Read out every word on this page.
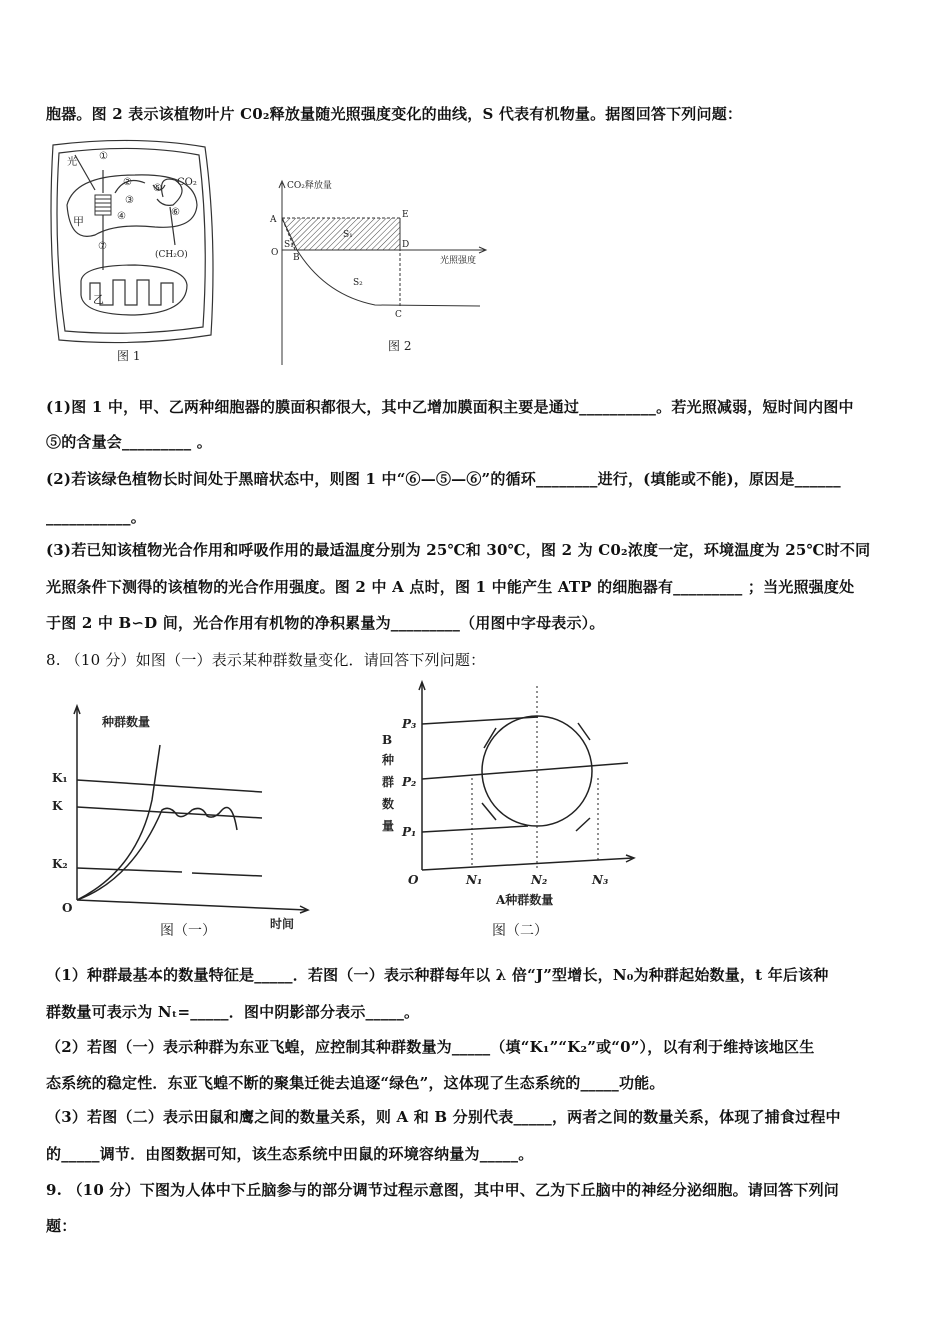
胞器。图 2 表示该植物叶片 C0₂释放量随光照强度变化的曲线，S 代表有机物量。据图回答下列问题：
光
①
②
③
④
⑤
⑥
⑦
CO₂
(CH₂O)
甲
乙
图 1
CO₂释放量
光照强度
A
O B
E
D
C
S₁
S₁
S₂
图 2
(1)图 1 中，甲、乙两种细胞器的膜面积都很大，其中乙增加膜面积主要是通过__________。若光照减弱，短时间内图中
⑤的含量会_________ 。
(2)若该绿色植物长时间处于黑暗状态中，则图 1 中“⑥—⑤—⑥”的循环________进行，(填能或不能)，原因是______
___________。
(3)若已知该植物光合作用和呼吸作用的最适温度分别为 25℃和 30℃，图 2 为 C0₂浓度一定，环境温度为 25℃时不同
光照条件下测得的该植物的光合作用强度。图 2 中 A 点时，图 1 中能产生 ATP 的细胞器有_________ ；当光照强度处
于图 2 中 B∽D 间，光合作用有机物的净积累量为_________（用图中字母表示）。
8. （10 分）如图（一）表示某种群数量变化．请回答下列问题：
种群数量
K₁
K
K₂
O
时间
图（一）
P₃
P₂
P₁
O	N₁	N₂	N₃
B
种
群
数
量
A种群数量
图（二）
（1）种群最基本的数量特征是_____．若图（一）表示种群每年以 λ 倍“J”型增长，N₀为种群起始数量，t 年后该种
群数量可表示为 Nₜ=_____．图中阴影部分表示_____。
（2）若图（一）表示种群为东亚飞蝗，应控制其种群数量为_____（填“K₁”“K₂”或“0”），以有利于维持该地区生
态系统的稳定性．东亚飞蝗不断的聚集迁徙去追逐“绿色”，这体现了生态系统的_____功能。
（3）若图（二）表示田鼠和鹰之间的数量关系，则 A 和 B 分别代表_____，两者之间的数量关系，体现了捕食过程中
的_____调节．由图数据可知，该生态系统中田鼠的环境容纳量为_____。
9. （10 分）下图为人体中下丘脑参与的部分调节过程示意图，其中甲、乙为下丘脑中的神经分泌细胞。请回答下列问
题：
